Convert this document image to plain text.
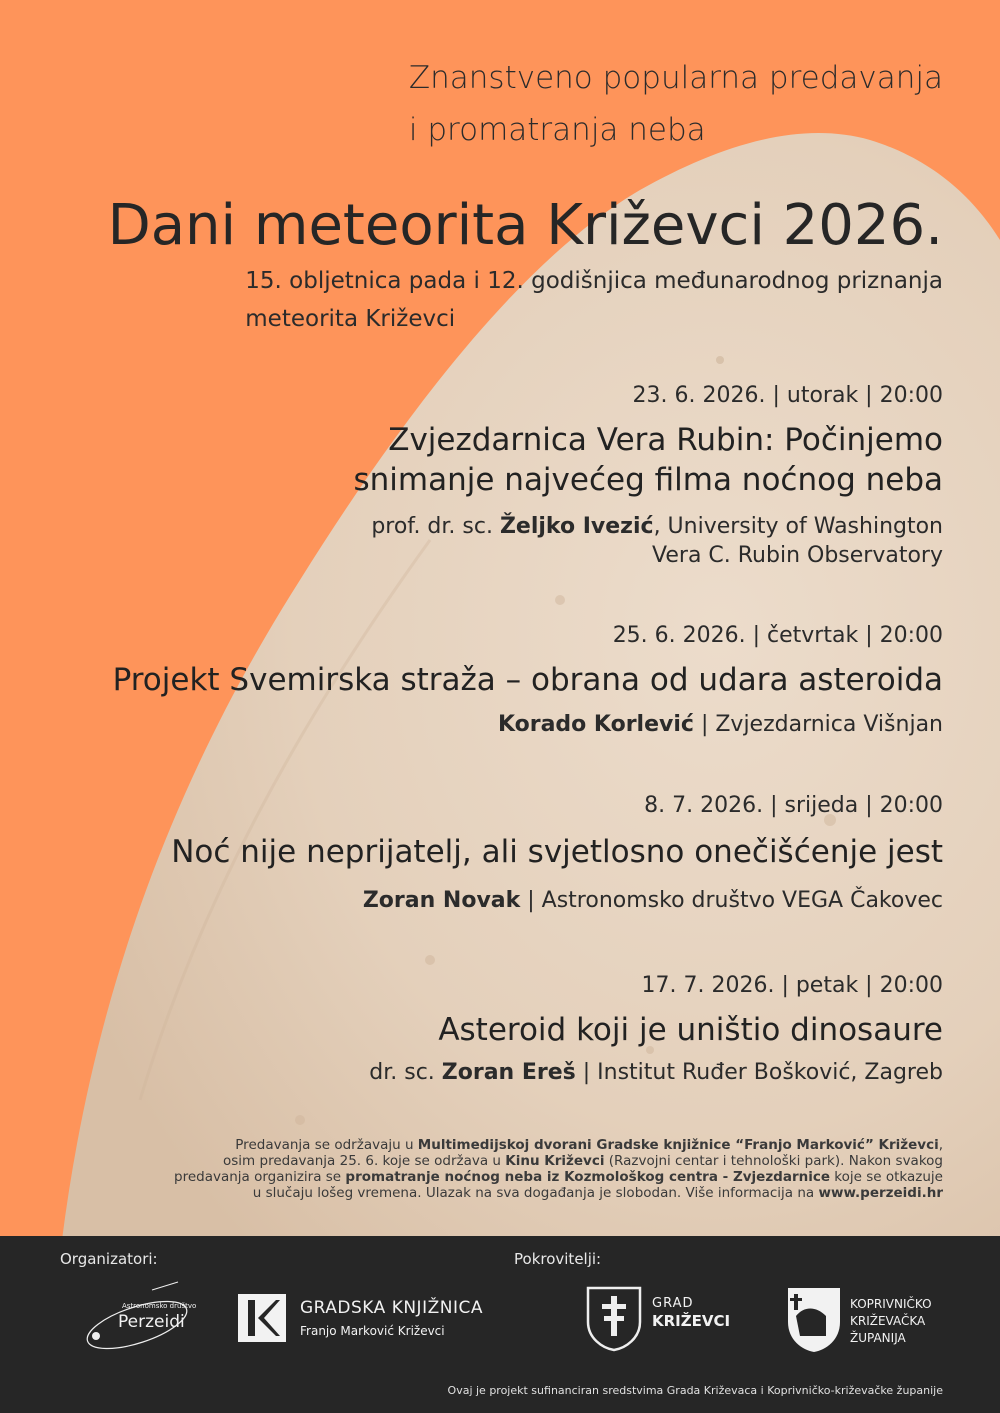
Znanstveno popularna predavanja
i promatranja neba
Dani meteorita Križevci 2026.
15. obljetnica pada i 12. godišnjica međunarodnog priznanja
meteorita Križevci
23. 6. 2026. | utorak | 20:00
Zvjezdarnica Vera Rubin: Počinjemo
snimanje najvećeg filma noćnog neba
prof. dr. sc. Željko Ivezić, University of Washington
Vera C. Rubin Observatory
25. 6. 2026. | četvrtak | 20:00
Projekt Svemirska straža – obrana od udara asteroida
Korado Korlević | Zvjezdarnica Višnjan
8. 7. 2026. | srijeda | 20:00
Noć nije neprijatelj, ali svjetlosno onečišćenje jest
Zoran Novak | Astronomsko društvo VEGA Čakovec
17. 7. 2026. | petak | 20:00
Asteroid koji je uništio dinosaure
dr. sc. Zoran Ereš | Institut Ruđer Bošković, Zagreb
Predavanja se održavaju u Multimedijskoj dvorani Gradske knjižnice “Franjo Marković” Križevci,
osim predavanja 25. 6. koje se održava u Kinu Križevci (Razvojni centar i tehnološki park). Nakon svakog
predavanja organizira se promatranje noćnog neba iz Kozmološkog centra - Zvjezdarnice koje se otkazuje
u slučaju lošeg vremena. Ulazak na sva događanja je slobodan. Više informacija na www.perzeidi.hr
Organizatori:	Pokrovitelji:
Astronomsko društvo
Perzeidi
GRADSKA KNJIŽNICA
Franjo Marković Križevci
GRAD
KRIŽEVCI
KOPRIVNIČKO
KRIŽEVAČKA
ŽUPANIJA
Ovaj je projekt sufinanciran sredstvima Grada Križevaca i Koprivničko-križevačke županije
